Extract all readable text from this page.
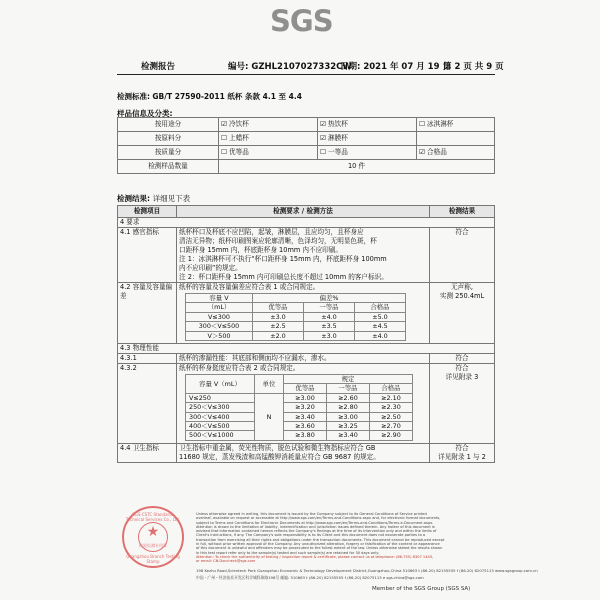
SGS
检测报告	编号: GZHL2107027332CW
日期: 2021 年 07 月 19 日
第 2 页 共 9 页
检测标准: GB/T 27590-2011 纸杯 条款 4.1 至 4.4
样品信息及分类:
按用途分	☑ 冷饮杯	☑ 热饮杯	☐ 冰淇淋杯
按原料分	☐ 上蜡杯	☑ 淋膜杯	
按质量分	☐ 优等品	☐ 一等品	☑ 合格品
检测样品数量	10 件		
检测结果: 详细见下表
检测项目	检测要求 / 检测方法	检测结果
4 要求
4.1 感官指标	纸杯杯口及杯底不应凹陷，起皱，淋膜层，且应均匀，且杯身应
清洁无异物；纸杯印刷图案应轮廓清晰，色泽均匀，无明显色斑，杯
口距杯身 15mm 内，杯底距杯身 10mm 内不应印刷。
注 1：冰淇淋杯可不执行“杯口距杯身 15mm 内，杯底距杯身 100mm
内不应印刷”的规定。
注 2：杯口距杯身 15mm 内可印刷总长度不超过 10mm 的客户标识。
	符合
4.2 容量及容量偏差	
纸杯的容量及容量偏差应符合表 1 或合同规定。
容量 V	偏差%
（mL）	优等品	一等品	合格品
V≤300	±3.0	±4.0	±5.0
300＜V≤500	±2.5	±3.5	±4.5
V＞500	±2.0	±3.0	±4.0

无声称,
实测 250.4mL

4.3 物理性能
4.3.1	纸杯的渗漏性能：其底部和侧面均不应漏水，渗水。	符合
4.3.2	纸杯的杯身挺度应符合表 2 或合同规定。
容量 V（mL）	单位	规定
优等品	一等品	合格品
V≤250	N	≥3.00	≥2.60	≥2.10
250＜V≤300	≥3.20	≥2.80	≥2.30
300＜V≤400	≥3.40	≥3.00	≥2.50
400＜V≤500	≥3.60	≥3.25	≥2.70
500＜V≤1000	≥3.80	≥3.40	≥2.90

符合
详见附录 3

4.4 卫生指标	卫生指标中重金属，荧光性物质，脱色试验和微生物指标应符合 GB
11680 规定，蒸发残渣和高锰酸钾消耗量应符合 GB 9687 的规定。

符合
详见附录 1 与 2
SGS-CSTC Standards Technical Services Co., Ltd.
★
检验检测专用章
Guangzhou Branch Testing Stamp
Unless otherwise agreed in writing, this document is issued by the Company subject to its General Conditions of Service printed
overleaf, available on request or accessible at http://www.sgs.com/en/Terms-and-Conditions.aspx and, for electronic format documents,
subject to Terms and Conditions for Electronic Documents at http://www.sgs.com/en/Terms-and-Conditions/Terms-e-Document.aspx.
Attention is drawn to the limitation of liability, indemnification and jurisdiction issues defined therein. Any holder of this document is
advised that information contained hereon reflects the Company's findings at the time of its intervention only and within the limits of
Client's instructions, if any. The Company's sole responsibility is to its Client and this document does not exonerate parties to a
transaction from exercising all their rights and obligations under the transaction documents. This document cannot be reproduced except
in full, without prior written approval of the Company. Any unauthorized alteration, forgery or falsification of the content or appearance
of this document is unlawful and offenders may be prosecuted to the fullest extent of the law. Unless otherwise stated the results shown
in this test report refer only to the sample(s) tested and such sample(s) are retained for 30 days only.
Attention: To check the authenticity of testing / inspection report & certificate, please contact us at telephone: (86-755) 8307 1443,
or email: CN.Doccheck@sgs.com
198 Kezhu Road,Scientech Park Guangzhou Economic & Technology Development District,Guangzhou,China 510663 t (86-20) 82155555 f (86-20) 82075113 www.sgsgroup.com.cn
中国・广州・经济技术开发区科学城科珠路198号 邮编: 510663 t (86-20) 82155555 f (86-20) 82075113 e sgs.china@sgs.com
Member of the SGS Group (SGS SA)
